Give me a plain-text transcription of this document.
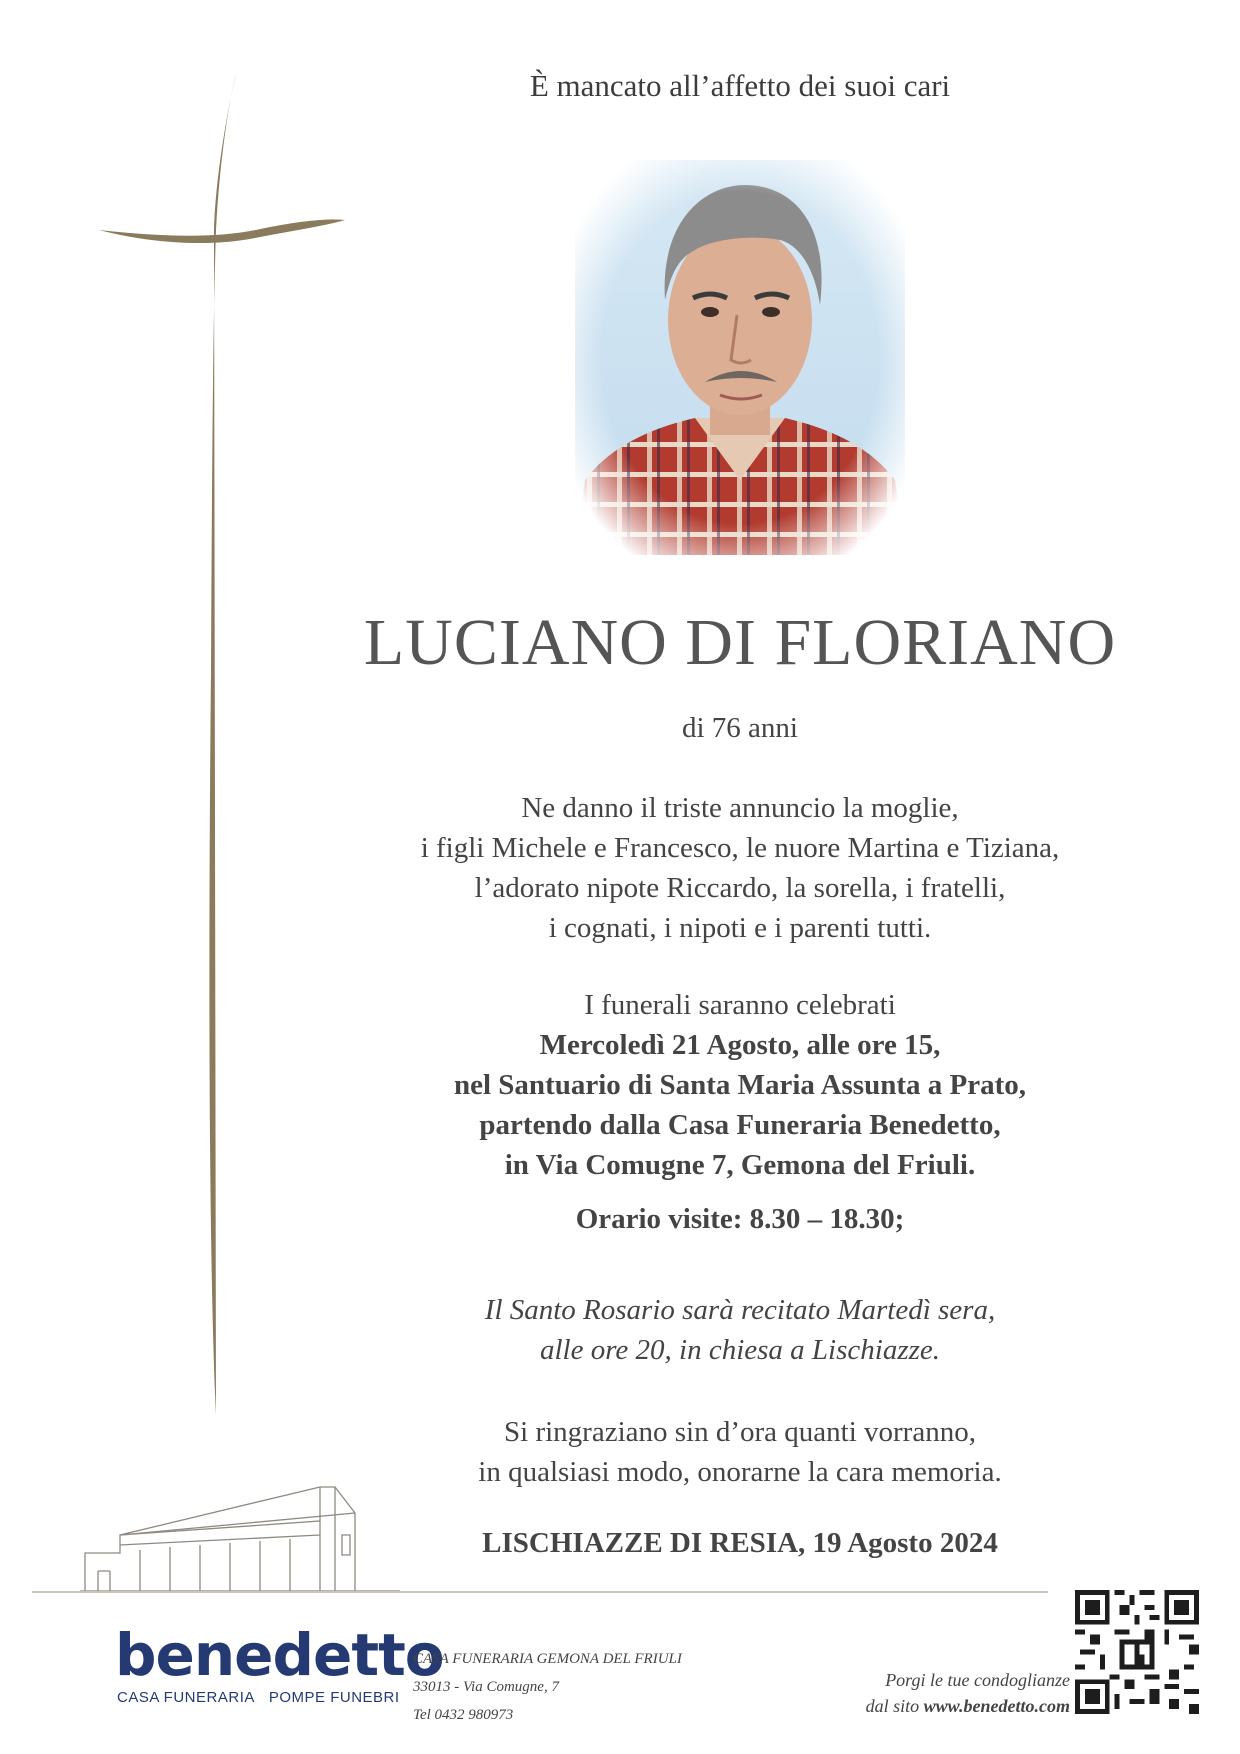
È mancato all’affetto dei suoi cari
LUCIANO DI FLORIANO
di 76 anni
Ne danno il triste annuncio la moglie,
i figli Michele e Francesco, le nuore Martina e Tiziana,
l’adorato nipote Riccardo, la sorella, i fratelli,
i cognati, i nipoti e i parenti tutti.
I funerali saranno celebrati
Mercoledì 21 Agosto, alle ore 15,
nel Santuario di Santa Maria Assunta a Prato,
partendo dalla Casa Funeraria Benedetto,
in Via Comugne 7, Gemona del Friuli.
Orario visite: 8.30 – 18.30;
Il Santo Rosario sarà recitato Martedì sera,
alle ore 20, in chiesa a Lischiazze.
Si ringraziano sin d’ora quanti vorranno,
in qualsiasi modo, onorarne la cara memoria.
LISCHIAZZE DI RESIA, 19 Agosto 2024
benedetto
CASA FUNERARIA POMPE FUNEBRI
CASA FUNERARIA GEMONA DEL FRIULI
33013 - Via Comugne, 7
Tel 0432 980973
Porgi le tue condoglianze
dal sito www.benedetto.com
